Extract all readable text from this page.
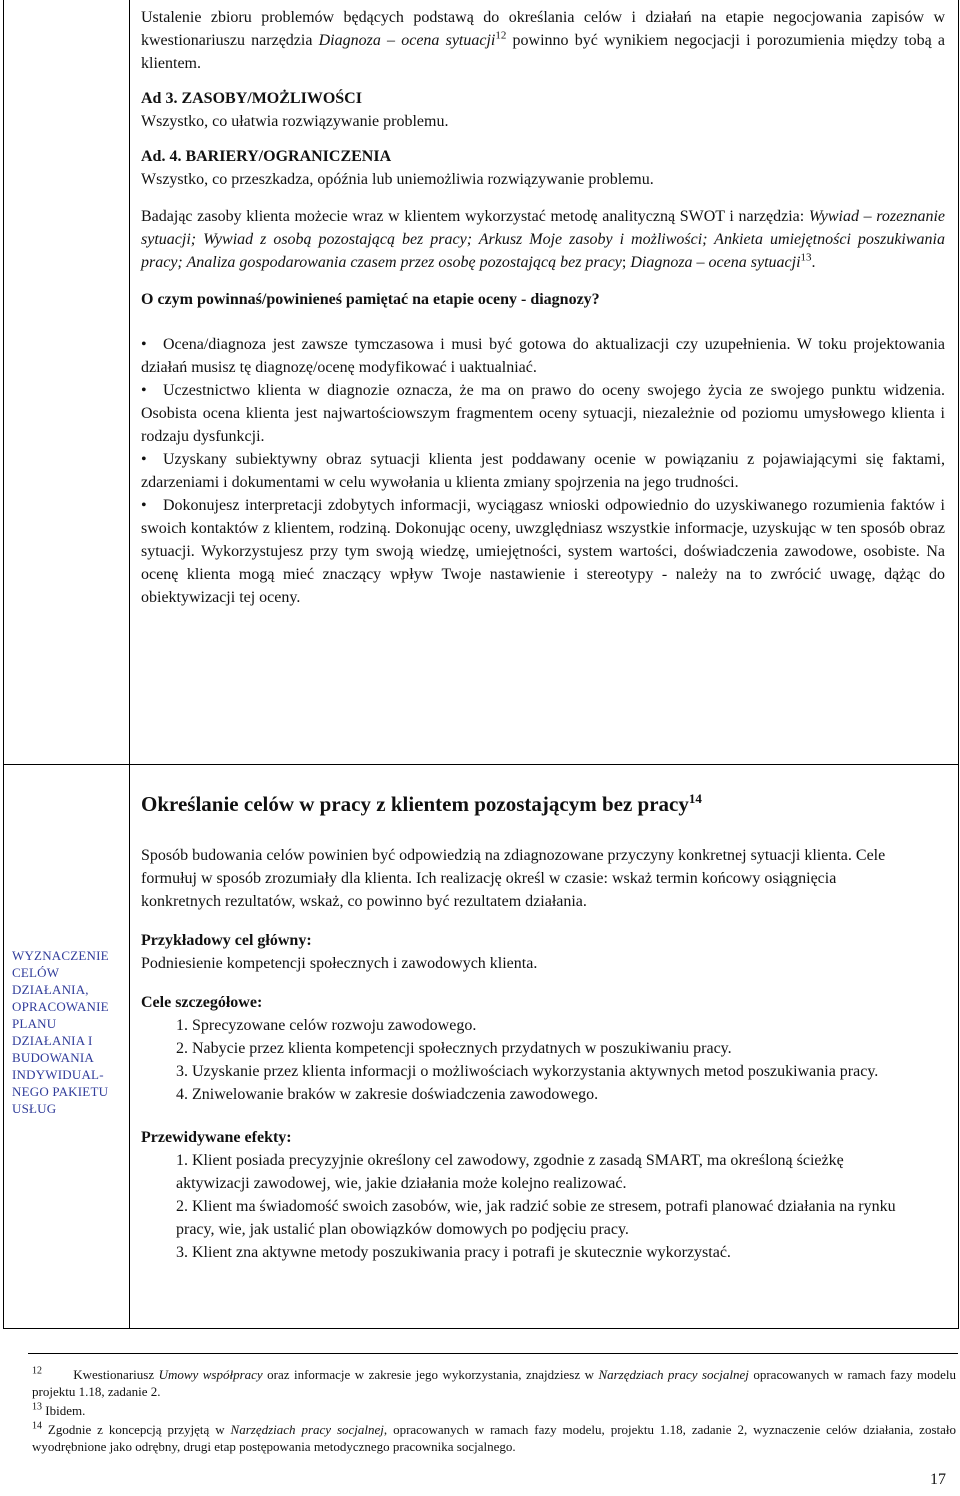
Ustalenie zbioru problemów będących podstawą do określania celów i działań na etapie negocjowania zapisów w kwestionariuszu narzędzia Diagnoza – ocena sytuacji$^{12}$ powinno być wynikiem negocjacji i porozumienia między tobą a klientem.

Ad 3. ZASOBY/MOŻLIWOŚCI

Wszystko, co ułatwia rozwiązywanie problemu.

Ad. 4. BARIERY/OGRANICZENIA

Wszystko, co przeszkadza, opóźnia lub uniemożliwia rozwiązywanie problemu.

Badając zasoby klienta możecie wraz w klientem wykorzystać metodę analityczną SWOT i narzędzia: Wywiad – rozeznanie sytuacji; Wywiad z osobą pozostającą bez pracy; Arkusz Moje zasoby i możliwości; Ankieta umiejętności poszukiwania pracy; Analiza gospodarowania czasem przez osobę pozostającą bez pracy; Diagnoza – ocena sytuacji$^{13}$.

O czym powinnaś/powinieneś pamiętać na etapie oceny - diagnozy?

• Ocena/diagnoza jest zawsze tymczasowa i musi być gotowa do aktualizacji czy uzupełnienia. W toku projektowania działań musisz tę diagnozę/ocenę modyfikować i uaktualniać.

• Uczestnictwo klienta w diagnozie oznacza, że ma on prawo do oceny swojego życia ze swojego punktu widzenia. Osobista ocena klienta jest najwartościowszym fragmentem oceny sytuacji, niezależnie od poziomu umysłowego klienta i rodzaju dysfunkcji.

• Uzyskany subiektywny obraz sytuacji klienta jest poddawany ocenie w powiązaniu z pojawiającymi się faktami, zdarzeniami i dokumentami w celu wywołania u klienta zmiany spojrzenia na jego trudności.

• Dokonujesz interpretacji zdobytych informacji, wyciągasz wnioski odpowiednio do uzyskiwanego rozumienia faktów i swoich kontaktów z klientem, rodziną. Dokonując oceny, uwzględniasz wszystkie informacje, uzyskując w ten sposób obraz sytuacji. Wykorzystujesz przy tym swoją wiedzę, umiejętności, system wartości, doświadczenia zawodowe, osobiste. Na ocenę klienta mogą mieć znaczący wpływ Twoje nastawienie i stereotypy - należy na to zwrócić uwagę, dążąc do obiektywizacji tej oceny.

WYZNACZENIE
CELÓW
DZIAŁANIA,
OPRACOWANIE
PLANU
DZIAŁANIA I
BUDOWANIA
INDYWIDUAL-
NEGO PAKIETU
USŁUG
Określanie celów w pracy z klientem pozostającym bez pracy$^{14}$

Sposób budowania celów powinien być odpowiedzią na zdiagnozowane przyczyny konkretnej sytuacji klienta. Cele formułuj w sposób zrozumiały dla klienta. Ich realizację określ w czasie: wskaż termin końcowy osiągnięcia konkretnych rezultatów, wskaż, co powinno być rezultatem działania.

Przykładowy cel główny:

Podniesienie kompetencji społecznych i zawodowych klienta.

Cele szczegółowe:

1. Sprecyzowane celów rozwoju zawodowego.

2. Nabycie przez klienta kompetencji społecznych przydatnych w poszukiwaniu pracy.

3. Uzyskanie przez klienta informacji o możliwościach wykorzystania aktywnych metod poszukiwania pracy.

4. Zniwelowanie braków w zakresie doświadczenia zawodowego.

Przewidywane efekty:

1. Klient posiada precyzyjnie określony cel zawodowy, zgodnie z zasadą SMART, ma określoną ścieżkę aktywizacji zawodowej, wie, jakie działania może kolejno realizować.

2. Klient ma świadomość swoich zasobów, wie, jak radzić sobie ze stresem, potrafi planować działania na rynku pracy, wie, jak ustalić plan obowiązków domowych po podjęciu pracy.

3. Klient zna aktywne metody poszukiwania pracy i potrafi je skutecznie wykorzystać.

$^{12}$ Kwestionariusz Umowy współpracy oraz informacje w zakresie jego wykorzystania, znajdziesz w Narzędziach pracy socjalnej opracowanych w ramach fazy modelu projektu 1.18, zadanie 2.

$^{13}$ Ibidem.

$^{14}$ Zgodnie z koncepcją przyjętą w Narzędziach pracy socjalnej, opracowanych w ramach fazy modelu, projektu 1.18, zadanie 2, wyznaczenie celów działania, zostało wyodrębnione jako odrębny, drugi etap postępowania metodycznego pracownika socjalnego.

17
